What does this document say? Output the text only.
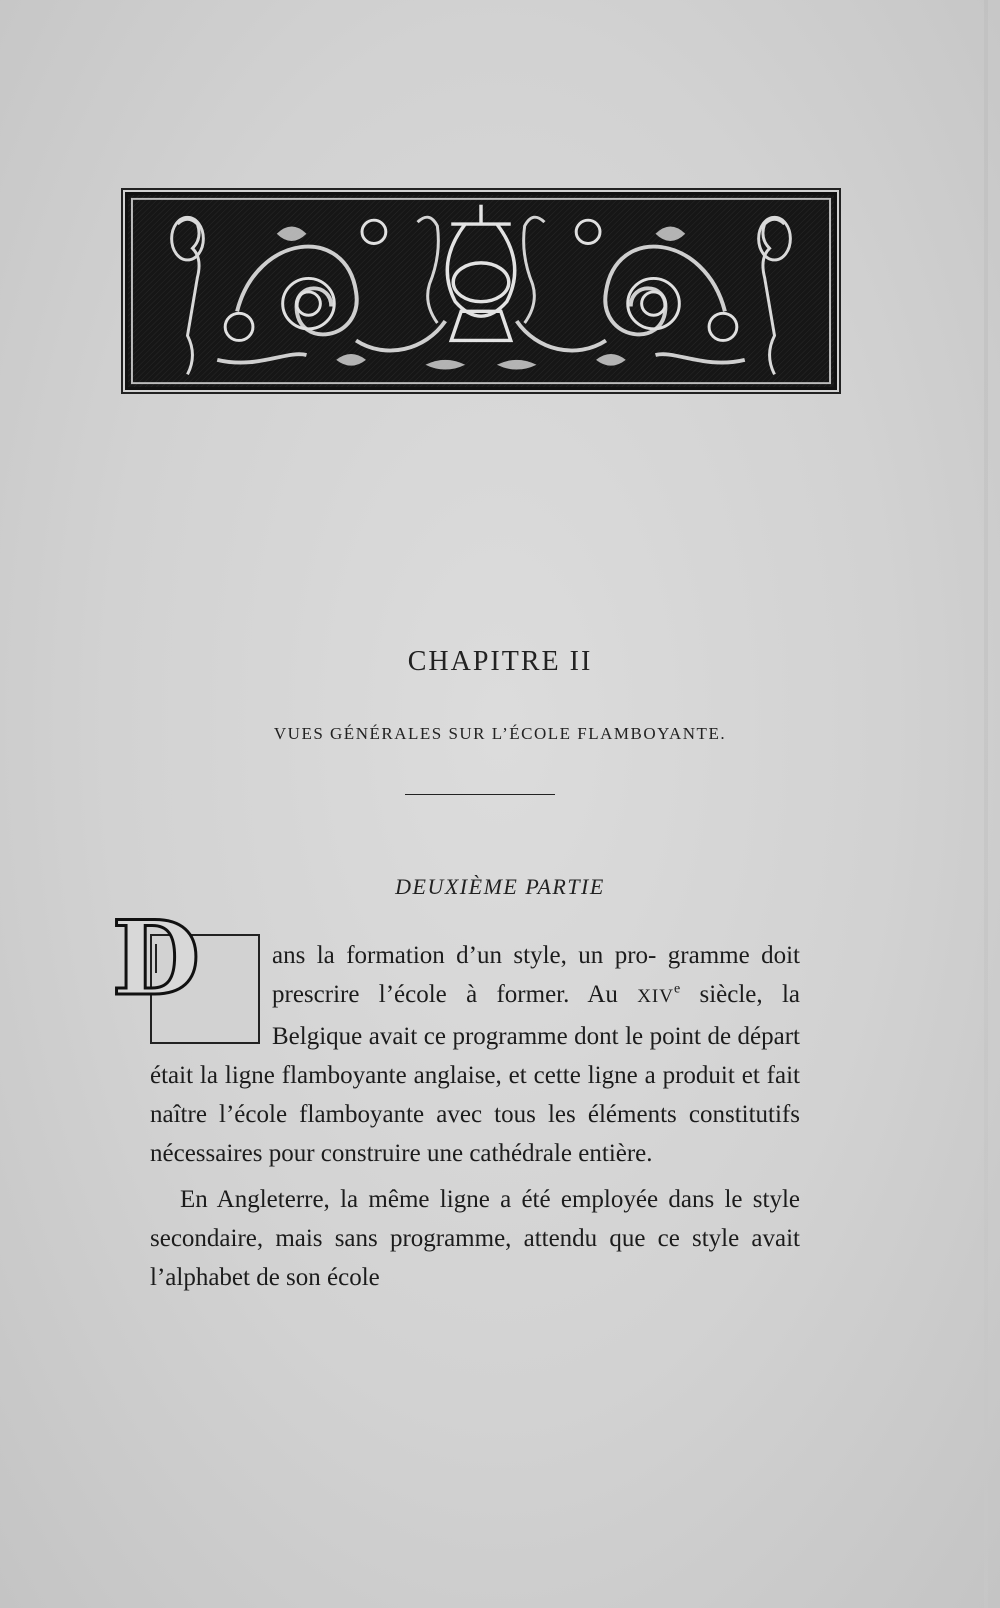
CHAPITRE II
VUES GÉNÉRALES SUR L’ÉCOLE FLAMBOYANTE.
DEUXIÈME PARTIE

D	ans la formation d’un style, un pro- gramme doit prescrire l’école à former. Au XIVe siècle, la Belgique avait ce programme dont le point de départ était la ligne flamboyante anglaise, et cette ligne a produit et fait naître l’école flamboyante avec tous les éléments constitutifs nécessaires pour construire une cathédrale entière.

En Angleterre, la même ligne a été employée dans le style secondaire, mais sans programme, attendu que ce style avait l’alphabet de son école
